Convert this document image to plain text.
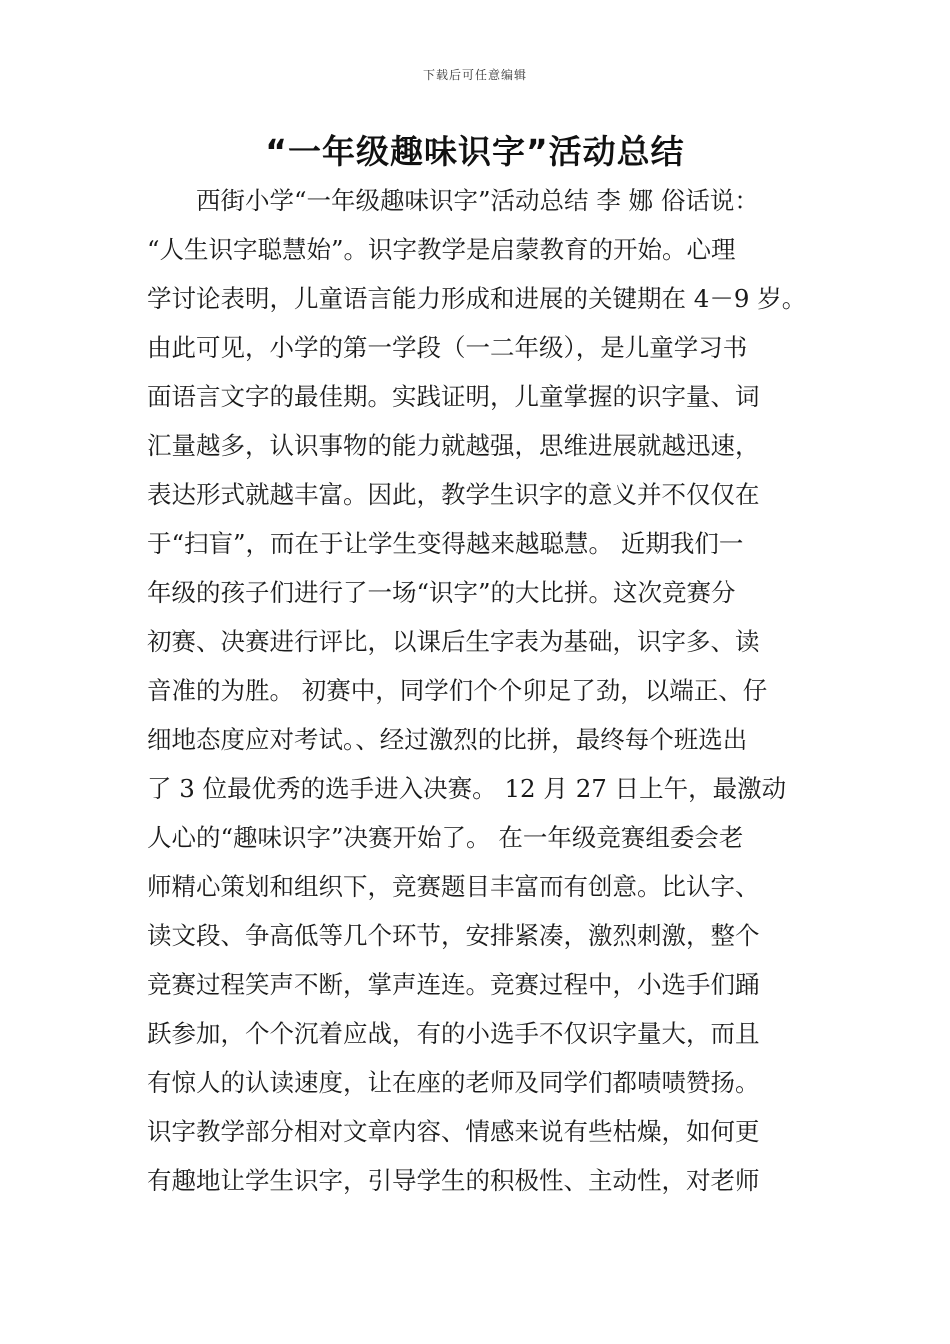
下载后可任意编辑
“一年级趣味识字”活动总结
　　西街小学“一年级趣味识字”活动总结 李 娜 俗话说：
“人生识字聪慧始”。识字教学是启蒙教育的开始。心理
学讨论表明，儿童语言能力形成和进展的关键期在 4－9 岁。
由此可见，小学的第一学段（一二年级），是儿童学习书
面语言文字的最佳期。实践证明，儿童掌握的识字量、词
汇量越多，认识事物的能力就越强，思维进展就越迅速，
表达形式就越丰富。因此，教学生识字的意义并不仅仅在
于“扫盲”，而在于让学生变得越来越聪慧。 近期我们一
年级的孩子们进行了一场“识字”的大比拼。这次竞赛分
初赛、决赛进行评比，以课后生字表为基础，识字多、读
音准的为胜。 初赛中，同学们个个卯足了劲，以端正、仔
细地态度应对考试。、经过激烈的比拼，最终每个班选出
了 3 位最优秀的选手进入决赛。 12 月 27 日上午，最激动
人心的“趣味识字”决赛开始了。 在一年级竞赛组委会老
师精心策划和组织下，竞赛题目丰富而有创意。比认字、
读文段、争高低等几个环节，安排紧凑，激烈刺激，整个
竞赛过程笑声不断，掌声连连。竞赛过程中，小选手们踊
跃参加，个个沉着应战，有的小选手不仅识字量大，而且
有惊人的认读速度，让在座的老师及同学们都啧啧赞扬。
识字教学部分相对文章内容、情感来说有些枯燥，如何更
有趣地让学生识字，引导学生的积极性、主动性，对老师
